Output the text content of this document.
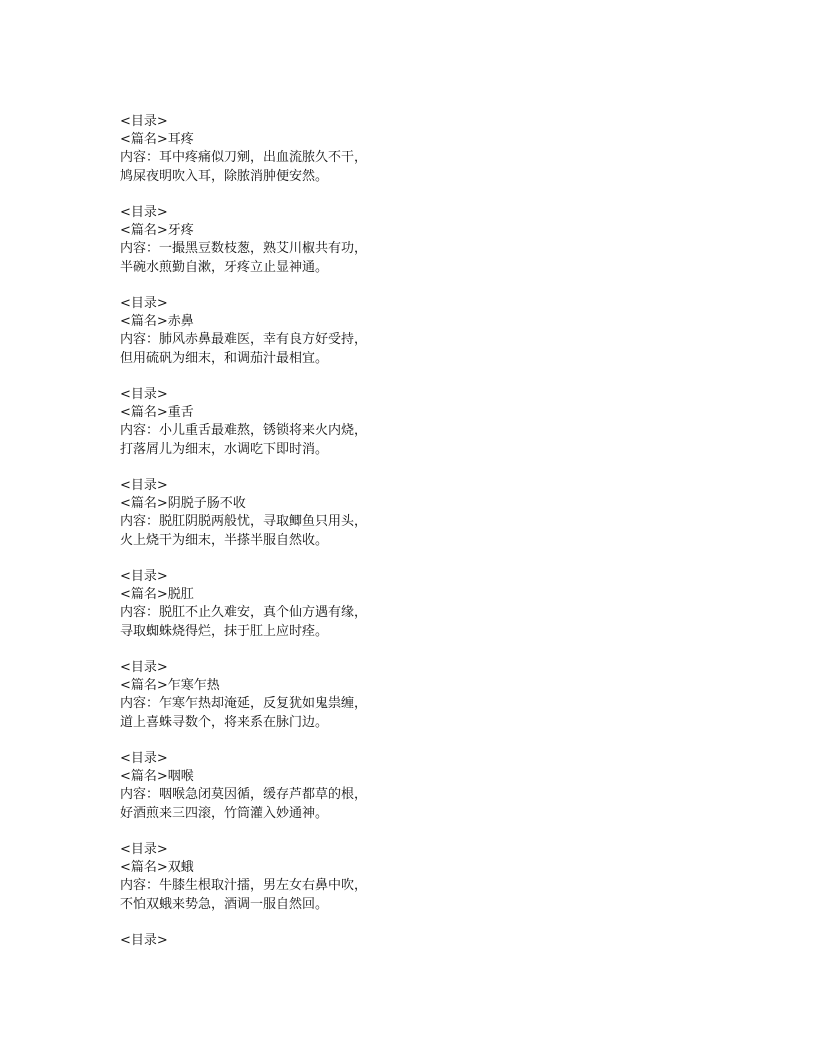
<目录>
<篇名>耳疼
内容：耳中疼痛似刀剜，出血流脓久不干，
鸠屎夜明吹入耳，除脓消肿便安然。
<目录>
<篇名>牙疼
内容：一撮黑豆数枝葱，熟艾川椒共有功，
半碗水煎勤自漱，牙疼立止显神通。
<目录>
<篇名>赤鼻
内容：肺风赤鼻最难医，幸有良方好受持，
但用硫矾为细末，和调茄汁最相宜。
<目录>
<篇名>重舌
内容：小儿重舌最难熬，锈锁将来火内烧，
打落屑儿为细末，水调吃下即时消。
<目录>
<篇名>阴脱子肠不收
内容：脱肛阴脱两般忧，寻取鲫鱼只用头，
火上烧干为细末，半搽半服自然收。
<目录>
<篇名>脱肛
内容：脱肛不止久难安，真个仙方遇有缘，
寻取蜘蛛烧得烂，抹于肛上应时痊。
<目录>
<篇名>乍寒乍热
内容：乍寒乍热却淹延，反复犹如鬼祟缠，
道上喜蛛寻数个，将来系在脉门边。
<目录>
<篇名>咽喉
内容：咽喉急闭莫因循，缓存芦都草的根，
好酒煎来三四滚，竹筒灌入妙通神。
<目录>
<篇名>双蛾
内容：牛膝生根取汁擂，男左女右鼻中吹，
不怕双蛾来势急，酒调一服自然回。
<目录>
